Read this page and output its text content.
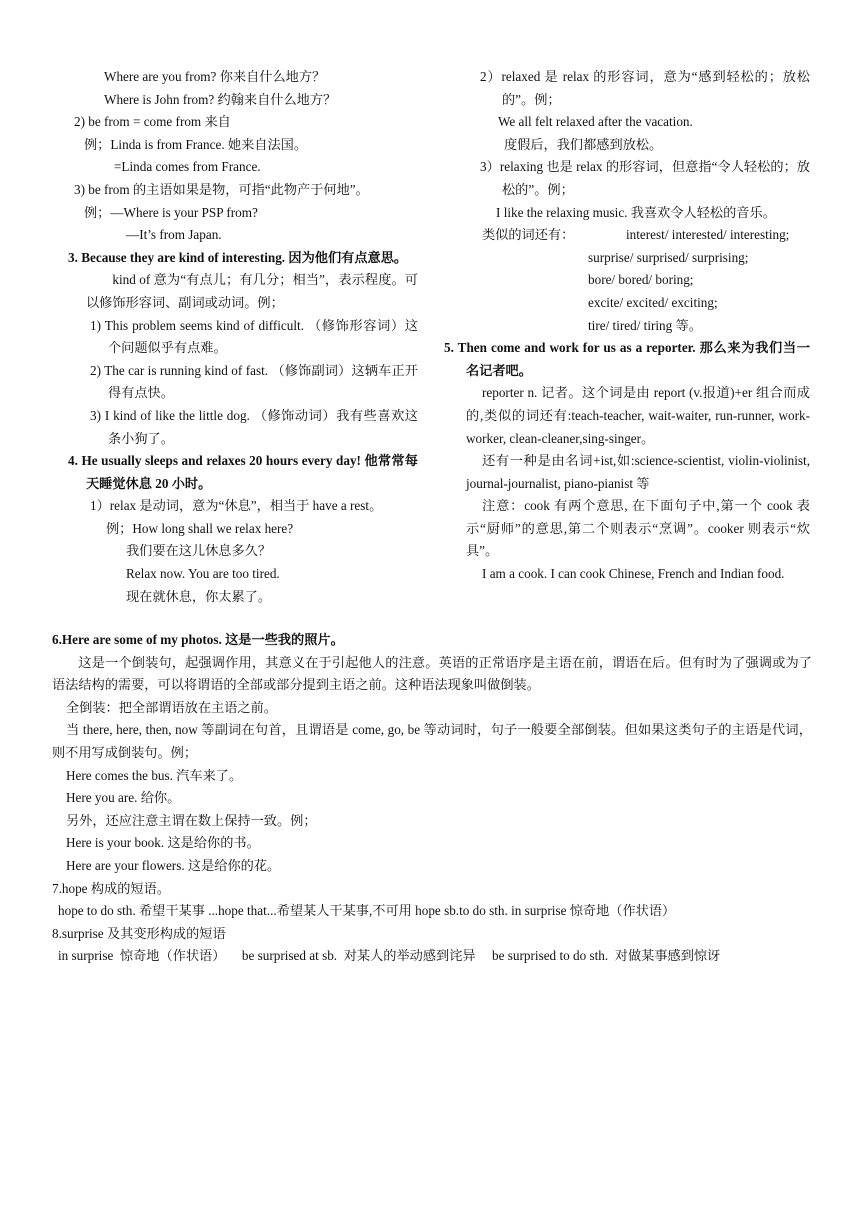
Where are you from? 你来自什么地方？

Where is John from? 约翰来自什么地方？

2) be from = come from 来自

例；Linda is from France. 她来自法国。

=Linda comes from France.

3) be from 的主语如果是物，可指“此物产于何地”。

例；—Where is your PSP from?

—It’s from Japan.

3. Because they are kind of interesting. 因为他们有点意思。

kind of 意为“有点儿；有几分；相当”，表示程度。可以修饰形容词、副词或动词。例；

1) This problem seems kind of difficult. （修饰形容词）这个问题似乎有点难。

2) The car is running kind of fast. （修饰副词）这辆车正开得有点快。

3) I kind of like the little dog. （修饰动词）我有些喜欢这条小狗了。

4. He usually sleeps and relaxes 20 hours every day! 他常常每天睡觉休息 20 小时。

1）relax 是动词，意为“休息”，相当于 have a rest。

例；How long shall we relax here?

我们要在这儿休息多久？

Relax now. You are too tired.

现在就休息，你太累了。

2）relaxed 是 relax 的形容词，意为“感到轻松的；放松的”。例；

We all felt relaxed after the vacation.

度假后，我们都感到放松。

3）relaxing 也是 relax 的形容词，但意指“令人轻松的；放松的”。例；

I like the relaxing music. 我喜欢令人轻松的音乐。

类似的词还有：	interest/ interested/ interesting;

surprise/ surprised/ surprising;

bore/ bored/ boring;

excite/ excited/ exciting;

tire/ tired/ tiring 等。

5. Then come and work for us as a reporter. 那么来为我们当一名记者吧。

reporter n. 记者。这个词是由 report (v.报道)+er 组合而成的,类似的词还有:teach-teacher, wait-waiter, run-runner, work-worker, clean-cleaner,sing-singer。

还有一种是由名词+ist,如:science-scientist, violin-violinist, journal-journalist, piano-pianist 等

注意：cook 有两个意思, 在下面句子中,第一个 cook 表示“厨师”的意思,第二个则表示“烹调”。cooker 则表示“炊具”。

I am a cook. I can cook Chinese, French and Indian food.

6.Here are some of my photos. 这是一些我的照片。

这是一个倒装句，起强调作用，其意义在于引起他人的注意。英语的正常语序是主语在前，谓语在后。但有时为了强调或为了语法结构的需要，可以将谓语的全部或部分提到主语之前。这种语法现象叫做倒装。

全倒装：把全部谓语放在主语之前。

当 there, here, then, now 等副词在句首，且谓语是 come, go, be 等动词时，句子一般要全部倒装。但如果这类句子的主语是代词，则不用写成倒装句。例；

Here comes the bus. 汽车来了。

Here you are. 给你。

另外，还应注意主谓在数上保持一致。例；

Here is your book. 这是给你的书。

Here are your flowers. 这是给你的花。

7.hope 构成的短语。

hope to do sth. 希望干某事 ...hope that...希望某人干某事,不可用 hope sb.to do sth. in surprise 惊奇地（作状语）

8.surprise 及其变形构成的短语

in surprise  惊奇地（作状语）     be surprised at sb.  对某人的举动感到诧异     be surprised to do sth.  对做某事感到惊讶
